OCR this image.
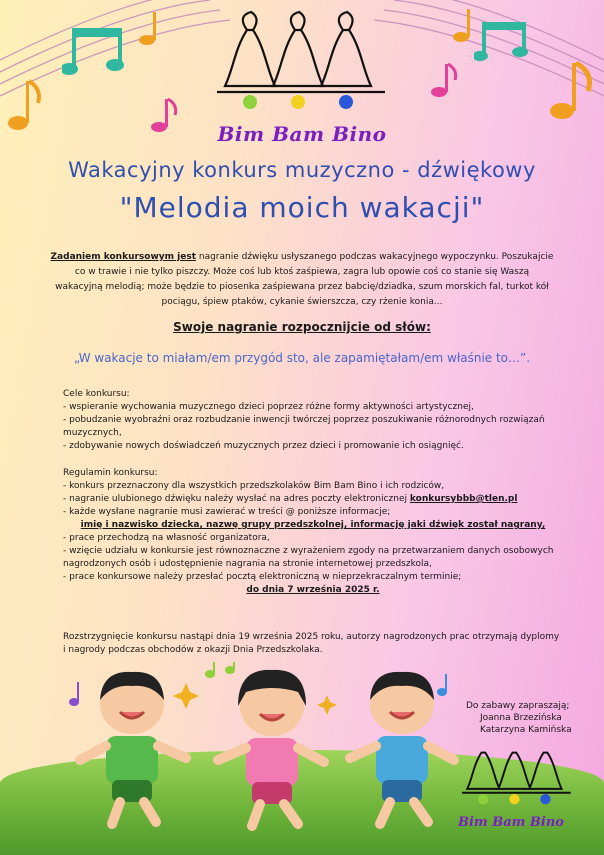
Bim Bam Bino
Wakacyjny konkurs muzyczno - dźwiękowy
"Melodia moich wakacji"
Zadaniem konkursowym jest nagranie dźwięku usłyszanego podczas wakacyjnego wypoczynku. Poszukajcie co w trawie i nie tylko piszczy. Może coś lub ktoś zaśpiewa, zagra lub opowie coś co stanie się Waszą wakacyjną melodią; może będzie to piosenka zaśpiewana przez babcię/dziadka, szum morskich fal, turkot kół pociągu, śpiew ptaków, cykanie świerszcza, czy rżenie konia...
Swoje nagranie rozpocznijcie od słów:
„W wakacje to miałam/em przygód sto, ale zapamiętałam/em właśnie to…”.

Cele konkursu:

- wspieranie wychowania muzycznego dzieci poprzez różne formy aktywności artystycznej,

- pobudzanie wyobraźni oraz rozbudzanie inwencji twórczej poprzez poszukiwanie różnorodnych rozwiązań muzycznych,

- zdobywanie nowych doświadczeń muzycznych przez dzieci i promowanie ich osiągnięć.

Regulamin konkursu:

- konkurs przeznaczony dla wszystkich przedszkolaków Bim Bam Bino i ich rodziców,

- nagranie ulubionego dźwięku należy wysłać na adres poczty elektronicznej konkursybbb@tlen.pl

- każde wysłane nagranie musi zawierać w treści @ poniższe informacje;

imię i nazwisko dziecka, nazwę grupy przedszkolnej, informację jaki dźwięk został nagrany,

- prace przechodzą na własność organizatora,

- wzięcie udziału w konkursie jest równoznaczne z wyrażeniem zgody na przetwarzaniem danych osobowych nagrodzonych osób i udostępnienie nagrania na stronie internetowej przedszkola,

- prace konkursowe należy przesłać pocztą elektroniczną w nieprzekraczalnym terminie;

do dnia 7 września 2025 r.

Rozstrzygnięcie konkursu nastąpi dnia 19 września 2025 roku, autorzy nagrodzonych prac otrzymają dyplomy i nagrody podczas obchodów z okazji Dnia Przedszkolaka.
Do zabawy zapraszają;
Joanna Brzezińska
Katarzyna Kamińska
Bim Bam Bino
